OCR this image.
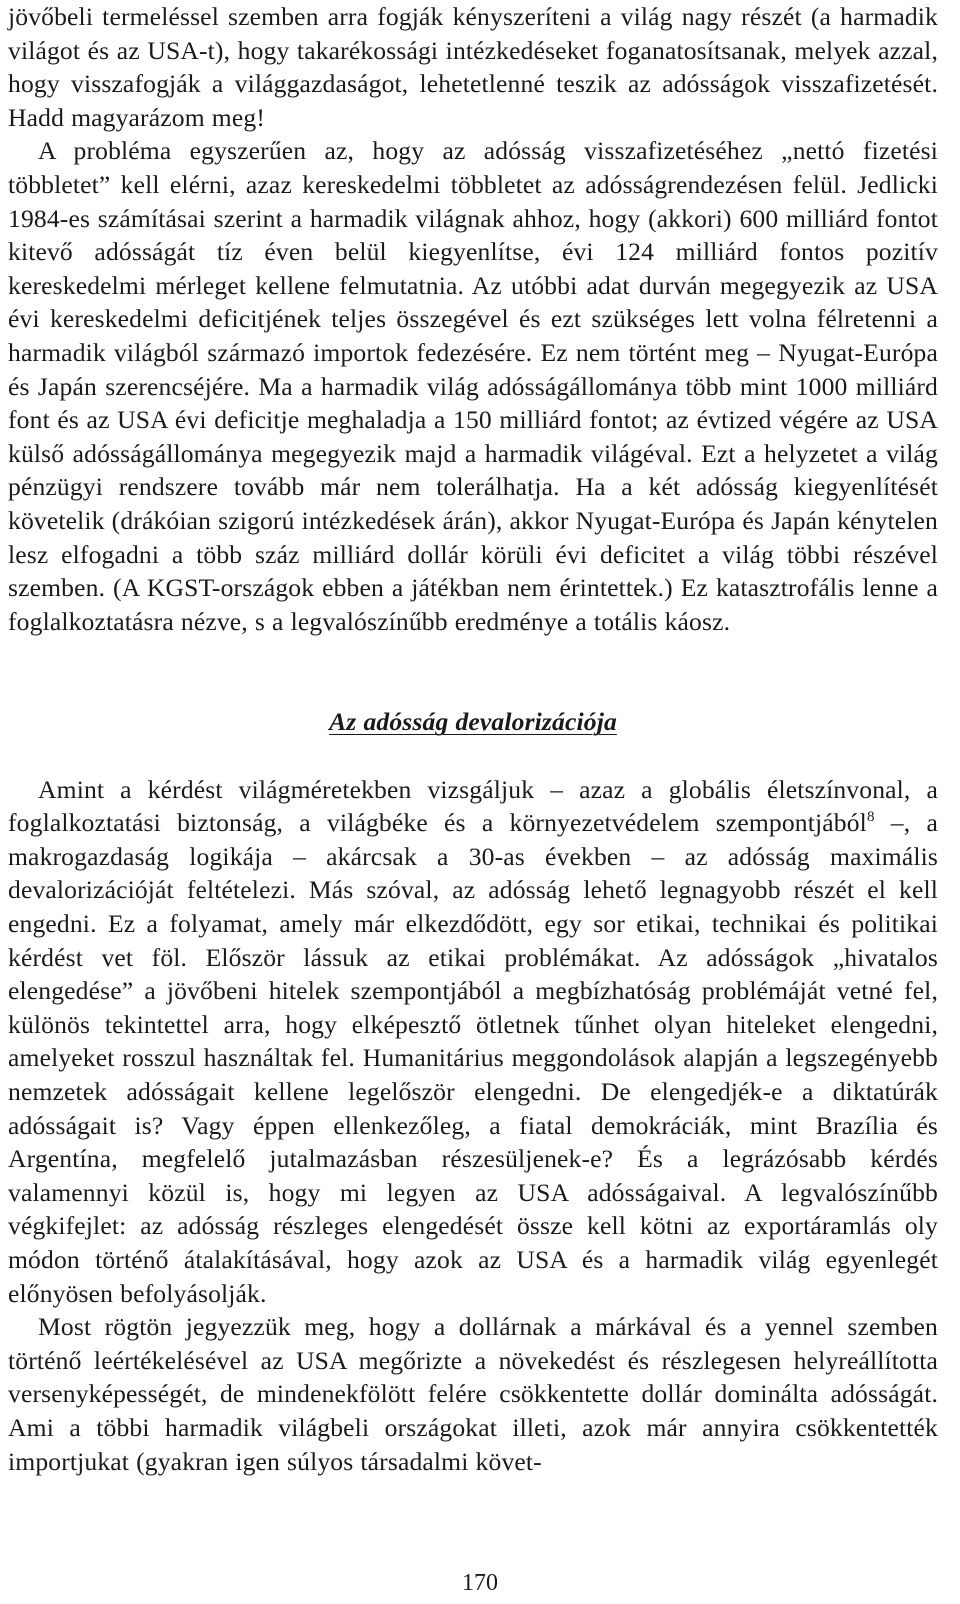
jövőbeli termeléssel szemben arra fogják kényszeríteni a világ nagy részét (a harmadik világot és az USA-t), hogy takarékossági intézkedéseket foganatosítsanak, melyek azzal, hogy visszafogják a világgazdaságot, lehetetlenné teszik az adósságok visszafizetését. Hadd magyarázom meg!

A probléma egyszerűen az, hogy az adósság visszafizetéséhez „nettó fizetési többletet” kell elérni, azaz kereskedelmi többletet az adósságrendezésen felül. Jedlicki 1984-es számításai szerint a harmadik világnak ahhoz, hogy (akkori) 600 milliárd fontot kitevő adósságát tíz éven belül kiegyenlítse, évi 124 milliárd fontos pozitív kereskedelmi mérleget kellene felmutatnia. Az utóbbi adat durván megegyezik az USA évi kereskedelmi deficitjének teljes összegével és ezt szükséges lett volna félretenni a harmadik világból származó importok fedezésére. Ez nem történt meg – Nyugat-Európa és Japán szerencséjére. Ma a harmadik világ adósságállománya több mint 1000 milliárd font és az USA évi deficitje meghaladja a 150 milliárd fontot; az évtized végére az USA külső adósságállománya megegyezik majd a harmadik világéval. Ezt a helyzetet a világ pénzügyi rendszere tovább már nem tolerálhatja. Ha a két adósság kiegyenlítését követelik (drákóian szigorú intézkedések árán), akkor Nyugat-Európa és Japán kénytelen lesz elfogadni a több száz milliárd dollár körüli évi deficitet a világ többi részével szemben. (A KGST-országok ebben a játékban nem érintettek.) Ez katasztrofális lenne a foglalkoztatásra nézve, s a legvalószínűbb eredménye a totális káosz.

Az adósság devalorizációja

Amint a kérdést világméretekben vizsgáljuk – azaz a globális életszínvonal, a foglalkoztatási biztonság, a világbéke és a környezetvédelem szempontjából$^8$ –, a makrogazdaság logikája – akárcsak a 30-as években – az adósság maximális devalorizációját feltételezi. Más szóval, az adósság lehető legnagyobb részét el kell engedni. Ez a folyamat, amely már elkezdődött, egy sor etikai, technikai és politikai kérdést vet föl. Először lássuk az etikai problémákat. Az adósságok „hivatalos elengedése” a jövőbeni hitelek szempontjából a megbízhatóság problémáját vetné fel, különös tekintettel arra, hogy elképesztő ötletnek tűnhet olyan hiteleket elengedni, amelyeket rosszul használtak fel. Humanitárius meggondolások alapján a legszegényebb nemzetek adósságait kellene legelőször elengedni. De elengedjék-e a diktatúrák adósságait is? Vagy éppen ellenkezőleg, a fiatal demokráciák, mint Brazília és Argentína, megfelelő jutalmazásban részesüljenek-e? És a legrázósabb kérdés valamennyi közül is, hogy mi legyen az USA adósságaival. A legvalószínűbb végkifejlet: az adósság részleges elengedését össze kell kötni az exportáramlás oly módon történő átalakításával, hogy azok az USA és a harmadik világ egyenlegét előnyösen befolyásolják.

Most rögtön jegyezzük meg, hogy a dollárnak a márkával és a yennel szemben történő leértékelésével az USA megőrizte a növekedést és részlegesen helyreállította versenyképességét, de mindenekfölött felére csökkentette dollár dominálta adósságát. Ami a többi harmadik világbeli országokat illeti, azok már annyira csökkentették importjukat (gyakran igen súlyos társadalmi követ-

170
